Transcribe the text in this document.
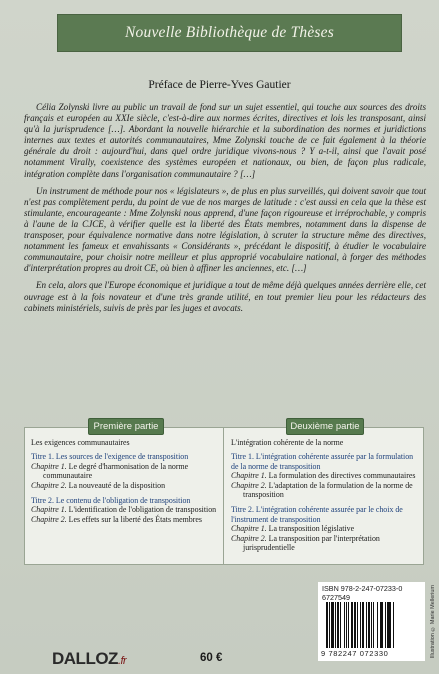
Nouvelle Bibliothèque de Thèses
Préface de Pierre-Yves Gautier

Célia Zolynski livre au public un travail de fond sur un sujet essentiel, qui touche aux sources des droits français et européen au XXIe siècle, c'est-à-dire aux normes écrites, directives et lois les transposant, ainsi qu'à la jurisprudence […]. Abordant la nouvelle hiérarchie et la subordination des normes et juridictions internes aux textes et autorités communautaires, Mme Zolynski touche de ce fait également à la théorie générale du droit : aujourd'hui, dans quel ordre juridique vivons-nous ? Y a-t-il, ainsi que l'avait posé notamment Virally, coexistence des systèmes européen et nationaux, ou bien, de façon plus radicale, intégration complète dans l'organisation communautaire ? […]

Un instrument de méthode pour nos « législateurs », de plus en plus surveillés, qui doivent savoir que tout n'est pas complètement perdu, du point de vue de nos marges de latitude : c'est aussi en cela que la thèse est stimulante, encourageante : Mme Zolynski nous apprend, d'une façon rigoureuse et irréprochable, y compris à l'aune de la CJCE, à vérifier quelle est la liberté des États membres, notamment dans la dispense de transposer, pour équivalence normative dans notre législation, à scruter la structure même des directives, notamment les fameux et envahissants « Considérants », précédant le dispositif, à étudier le vocabulaire communautaire, pour choisir notre meilleur et plus approprié vocabulaire national, à forger des méthodes d'interprétation propres au droit CE, où bien à affiner les anciennes, etc. […]

En cela, alors que l'Europe économique et juridique a tout de même déjà quelques années derrière elle, cet ouvrage est à la fois novateur et d'une très grande utilité, en tout premier lieu pour les rédacteurs des cabinets ministériels, suivis de près par les juges et avocats.

Première partie	Deuxième partie
Les exigences communautaires
Titre 1. Les sources de l'exigence de transposition
Chapitre 1. Le degré d'harmonisation de la norme communautaire
Chapitre 2. La nouveauté de la disposition
Titre 2. Le contenu de l'obligation de transposition
Chapitre 1. L'identification de l'obligation de transposition
Chapitre 2. Les effets sur la liberté des États membres
L'intégration cohérente de la norme
Titre 1. L'intégration cohérente assurée par la formulation de la norme de transposition
Chapitre 1. La formulation des directives communautaires
Chapitre 2. L'adaptation de la formulation de la norme de transposition
Titre 2. L'intégration cohérente assurée par le choix de l'instrument de transposition
Chapitre 1. La transposition législative
Chapitre 2. La transposition par l'interprétation jurisprudentielle
DALLOZ.fr	60 €
ISBN 978-2-247-07233-0
6727549
9 782247 072330	Illustration © Marie Mellerium
